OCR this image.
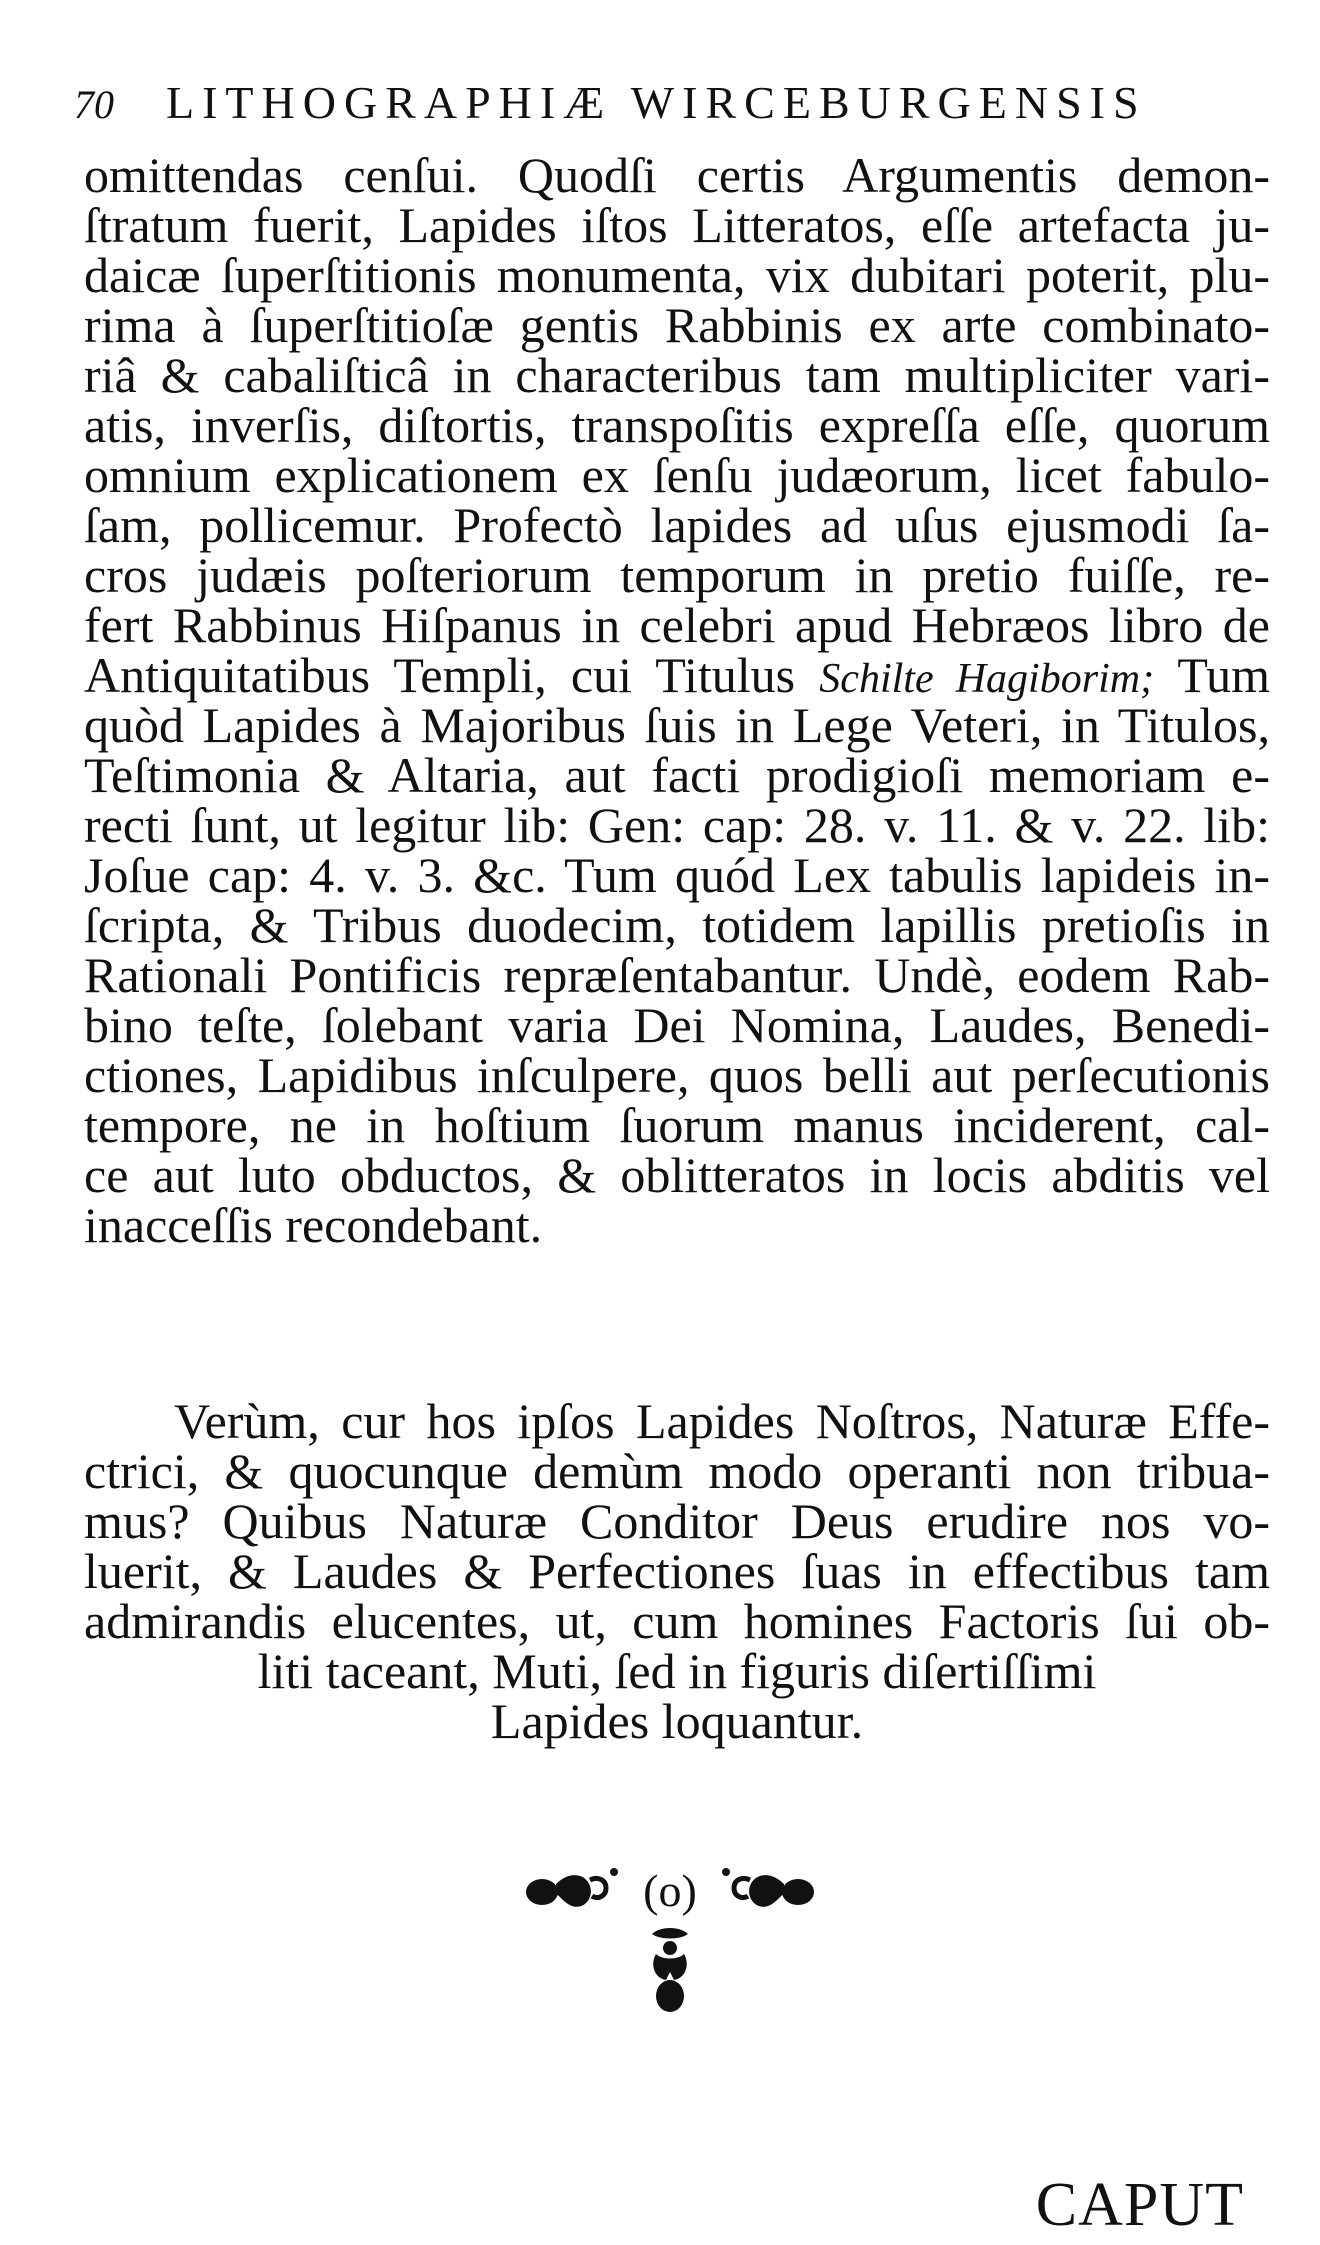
70 LITHOGRAPHIÆ WIRCEBURGENSIS
omittendas cenſui. Quodſi certis Argumentis demon-
ſtratum fuerit, Lapides iſtos Litteratos, eſſe artefacta ju-
daicæ ſuperſtitionis monumenta, vix dubitari poterit, plu-
rima à ſuperſtitioſæ gentis Rabbinis ex arte combinato-
riâ & cabaliſticâ in characteribus tam multipliciter vari-
atis, inverſis, diſtortis, transpoſitis expreſſa eſſe, quorum
omnium explicationem ex ſenſu judæorum, licet fabulo-
ſam, pollicemur. Profectò lapides ad uſus ejusmodi ſa-
cros judæis poſteriorum temporum in pretio fuiſſe, re-
fert Rabbinus Hiſpanus in celebri apud Hebræos libro de
Antiquitatibus Templi, cui Titulus Schilte Hagiborim; Tum
quòd Lapides à Majoribus ſuis in Lege Veteri, in Titulos,
Teſtimonia & Altaria, aut facti prodigioſi memoriam e-
recti ſunt, ut legitur lib: Gen: cap: 28. v. 11. & v. 22. lib:
Joſue cap: 4. v. 3. &c. Tum quód Lex tabulis lapideis in-
ſcripta, & Tribus duodecim, totidem lapillis pretioſis in
Rationali Pontificis repræſentabantur. Undè, eodem Rab-
bino teſte, ſolebant varia Dei Nomina, Laudes, Benedi-
ctiones, Lapidibus inſculpere, quos belli aut perſecutionis
tempore, ne in hoſtium ſuorum manus inciderent, cal-
ce aut luto obductos, & oblitteratos in locis abditis vel
inacceſſis recondebant.
Verùm, cur hos ipſos Lapides Noſtros, Naturæ Effe-
ctrici, & quocunque demùm modo operanti non tribua-
mus? Quibus Naturæ Conditor Deus erudire nos vo-
luerit, & Laudes & Perfectiones ſuas in effectibus tam
admirandis elucentes, ut, cum homines Factoris ſui ob-
liti taceant, Muti, ſed in figuris diſertiſſimi
Lapides loquantur.
(o)
CAPUT
